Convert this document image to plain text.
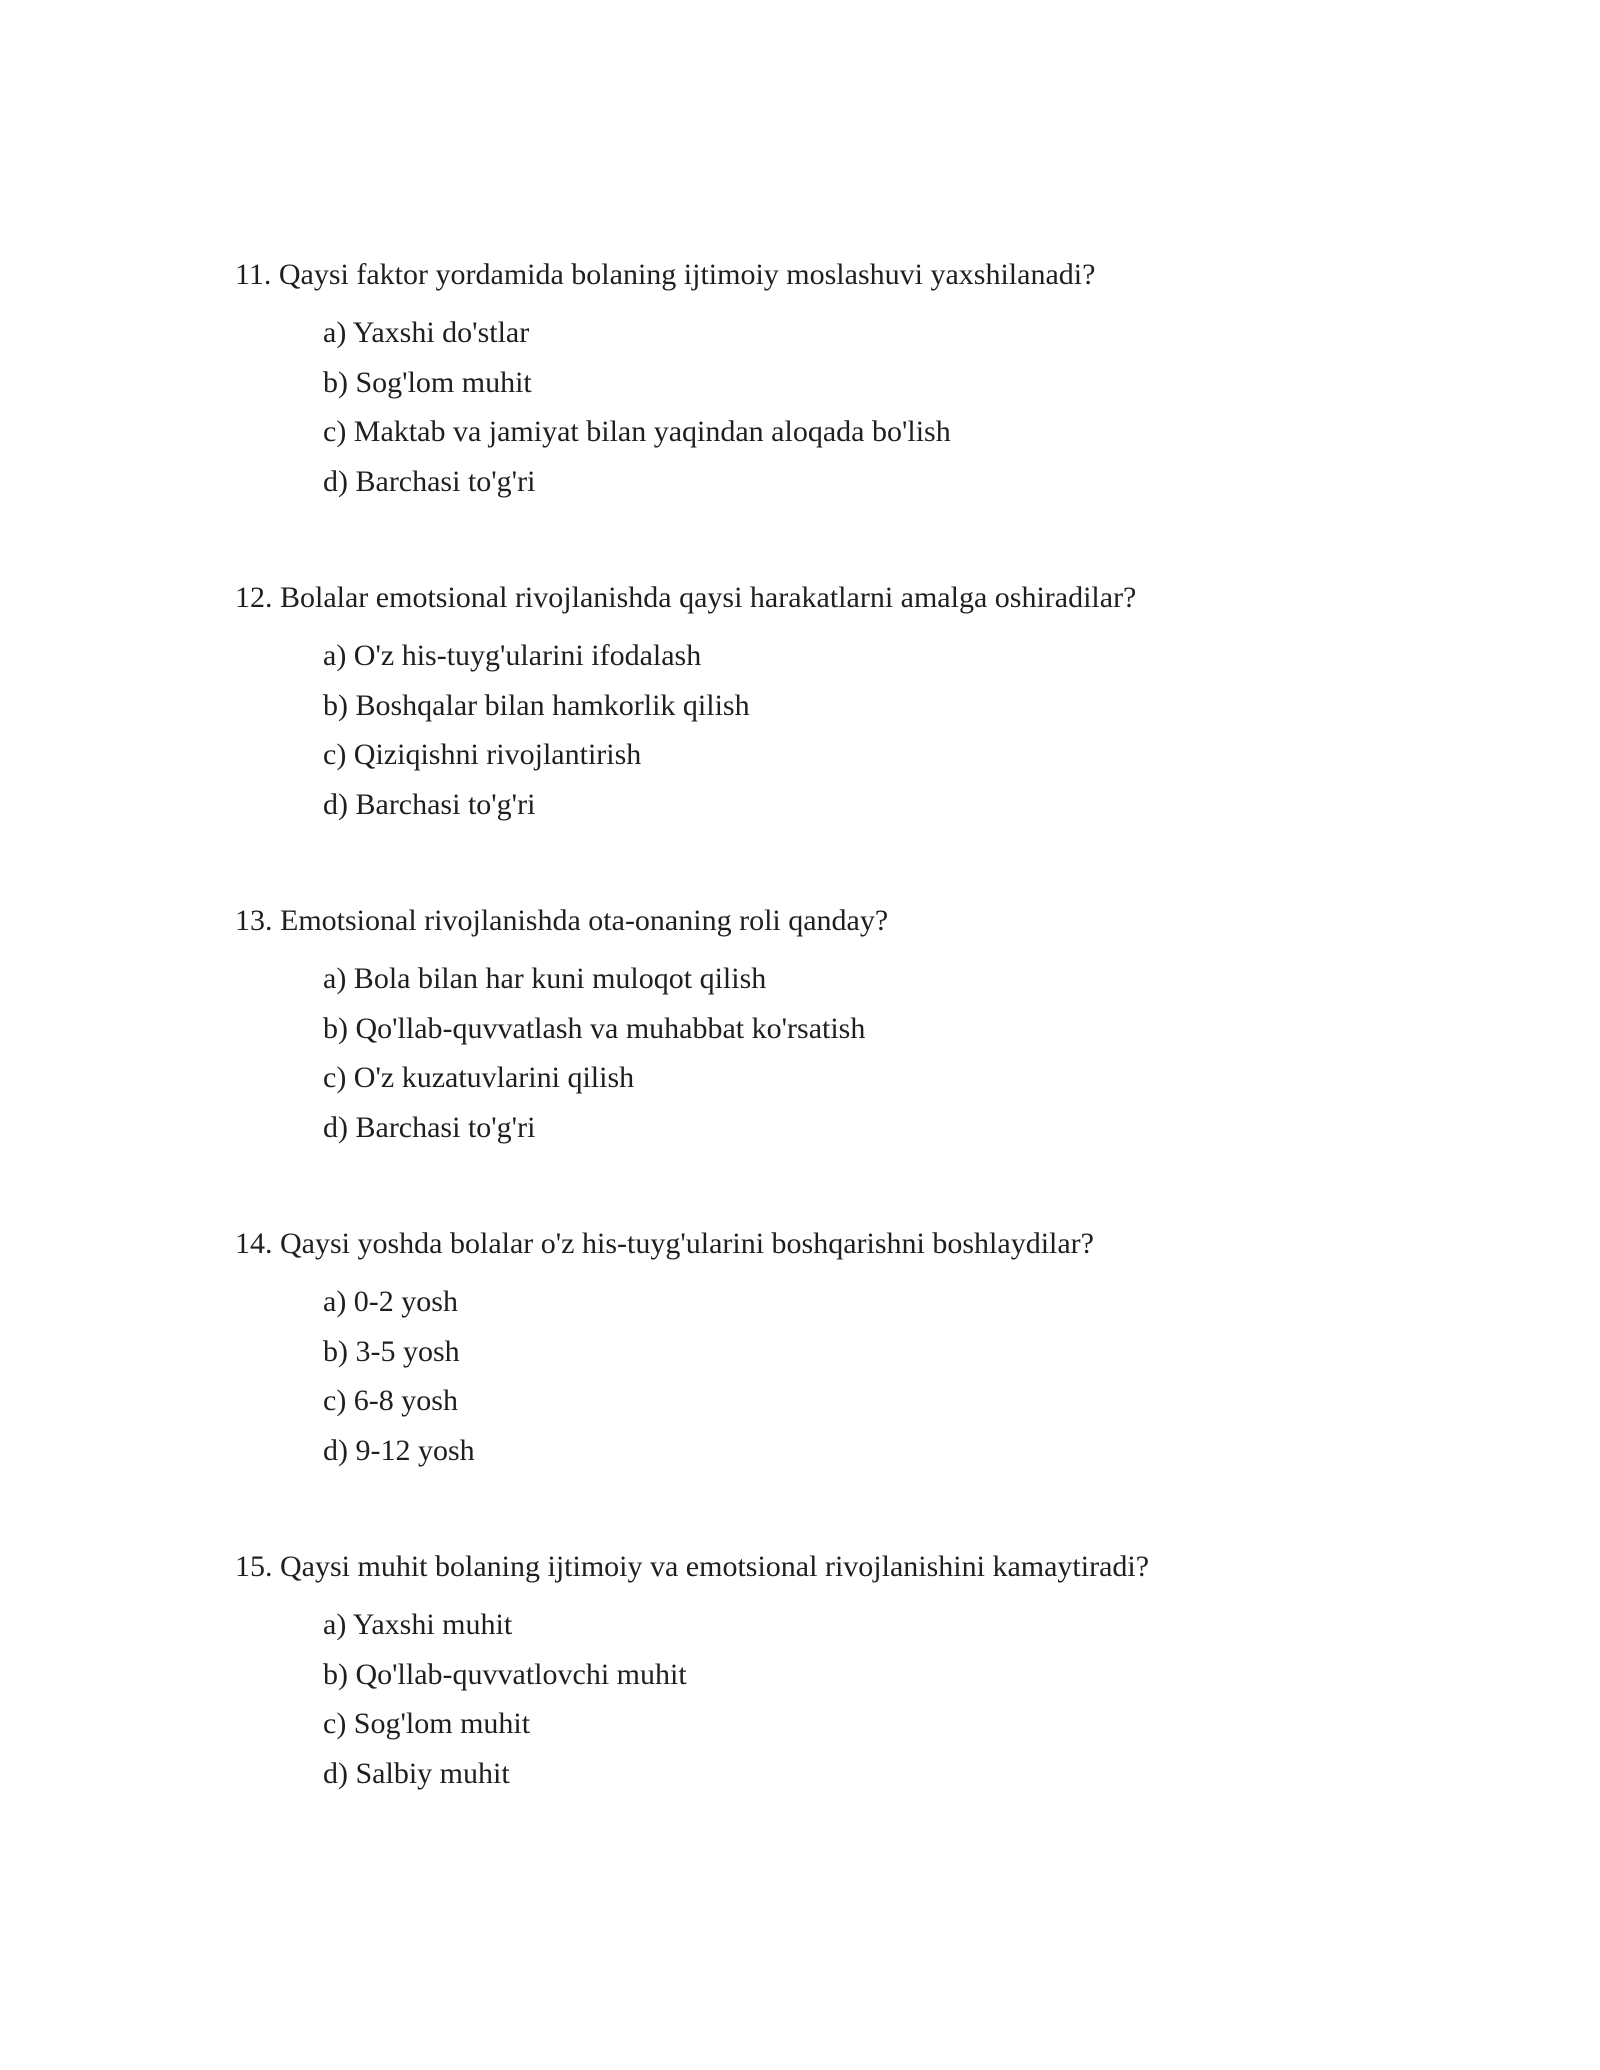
11. Qaysi faktor yordamida bolaning ijtimoiy moslashuvi yaxshilanadi?

a) Yaxshi do'stlar
b) Sog'lom muhit
c) Maktab va jamiyat bilan yaqindan aloqada bo'lish
d) Barchasi to'g'ri

12. Bolalar emotsional rivojlanishda qaysi harakatlarni amalga oshiradilar?

a) O'z his-tuyg'ularini ifodalash
b) Boshqalar bilan hamkorlik qilish
c) Qiziqishni rivojlantirish
d) Barchasi to'g'ri

13. Emotsional rivojlanishda ota-onaning roli qanday?

a) Bola bilan har kuni muloqot qilish
b) Qo'llab-quvvatlash va muhabbat ko'rsatish
c) O'z kuzatuvlarini qilish
d) Barchasi to'g'ri

14. Qaysi yoshda bolalar o'z his-tuyg'ularini boshqarishni boshlaydilar?

a) 0-2 yosh
b) 3-5 yosh
c) 6-8 yosh
d) 9-12 yosh

15. Qaysi muhit bolaning ijtimoiy va emotsional rivojlanishini kamaytiradi?

a) Yaxshi muhit
b) Qo'llab-quvvatlovchi muhit
c) Sog'lom muhit
d) Salbiy muhit
